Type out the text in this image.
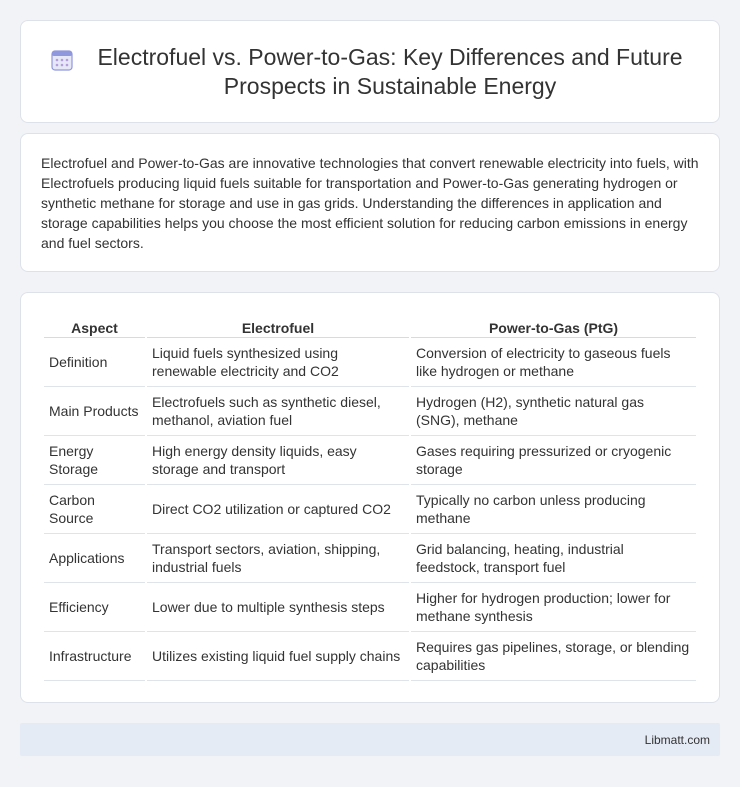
Electrofuel vs. Power-to-Gas: Key Differences and Future Prospects in Sustainable Energy

Electrofuel and Power-to-Gas are innovative technologies that convert renewable electricity into fuels, with Electrofuels producing liquid fuels suitable for transportation and Power-to-Gas generating hydrogen or synthetic methane for storage and use in gas grids. Understanding the differences in application and storage capabilities helps you choose the most efficient solution for reducing carbon emissions in energy and fuel sectors.

Aspect	Electrofuel	Power-to-Gas (PtG)
Definition	Liquid fuels synthesized using renewable electricity and CO2	Conversion of electricity to gaseous fuels like hydrogen or methane
Main Products	Electrofuels such as synthetic diesel, methanol, aviation fuel	Hydrogen (H2), synthetic natural gas (SNG), methane
Energy Storage	High energy density liquids, easy storage and transport	Gases requiring pressurized or cryogenic storage
Carbon Source	Direct CO2 utilization or captured CO2	Typically no carbon unless producing methane
Applications	Transport sectors, aviation, shipping, industrial fuels	Grid balancing, heating, industrial feedstock, transport fuel
Efficiency	Lower due to multiple synthesis steps	Higher for hydrogen production; lower for methane synthesis
Infrastructure	Utilizes existing liquid fuel supply chains	Requires gas pipelines, storage, or blending capabilities
Libmatt.com
